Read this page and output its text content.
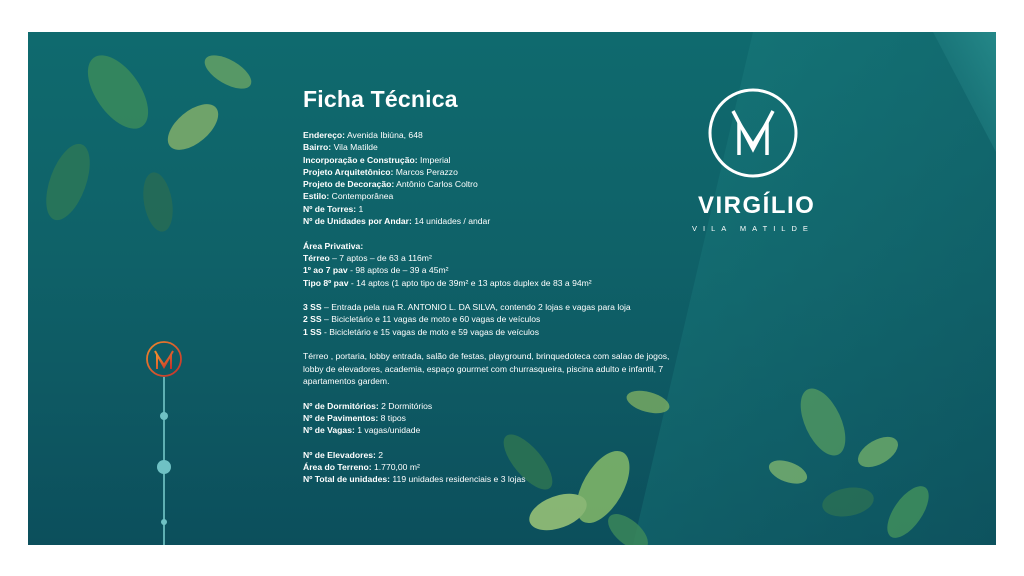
Ficha Técnica
Endereço: Avenida Ibiúna, 648
Bairro: Vila Matilde
Incorporação e Construção: Imperial
Projeto Arquitetônico: Marcos Perazzo
Projeto de Decoração: Antônio Carlos Coltro
Estilo: Contemporânea
Nº de Torres: 1
Nº de Unidades por Andar: 14 unidades / andar
Área Privativa:
Térreo – 7 aptos – de 63 a 116m²
1º ao 7 pav - 98 aptos de – 39 a 45m²
Tipo 8º pav - 14 aptos (1 apto tipo de 39m² e 13 aptos duplex de 83 a 94m²
3 SS – Entrada pela rua R. ANTONIO L. DA SILVA, contendo 2 lojas e vagas para loja
2 SS – Bicicletário e 11 vagas de moto e 60 vagas de veículos
1 SS - Bicicletário e 15 vagas de moto e 59 vagas de veículos
Térreo , portaria, lobby entrada, salão de festas, playground, brinquedoteca com salao de jogos, lobby de elevadores, academia, espaço gourmet com churrasqueira, piscina adulto e infantil, 7 apartamentos gardem.
Nº de Dormitórios: 2 Dormitórios
Nº de Pavimentos: 8 tipos
Nº de Vagas: 1 vagas/unidade
Nº de Elevadores: 2
Área do Terreno: 1.770,00 m²
Nº Total de unidades: 119 unidades residenciais e 3 lojas
VIRGÍLIO
VILA MATILDE
